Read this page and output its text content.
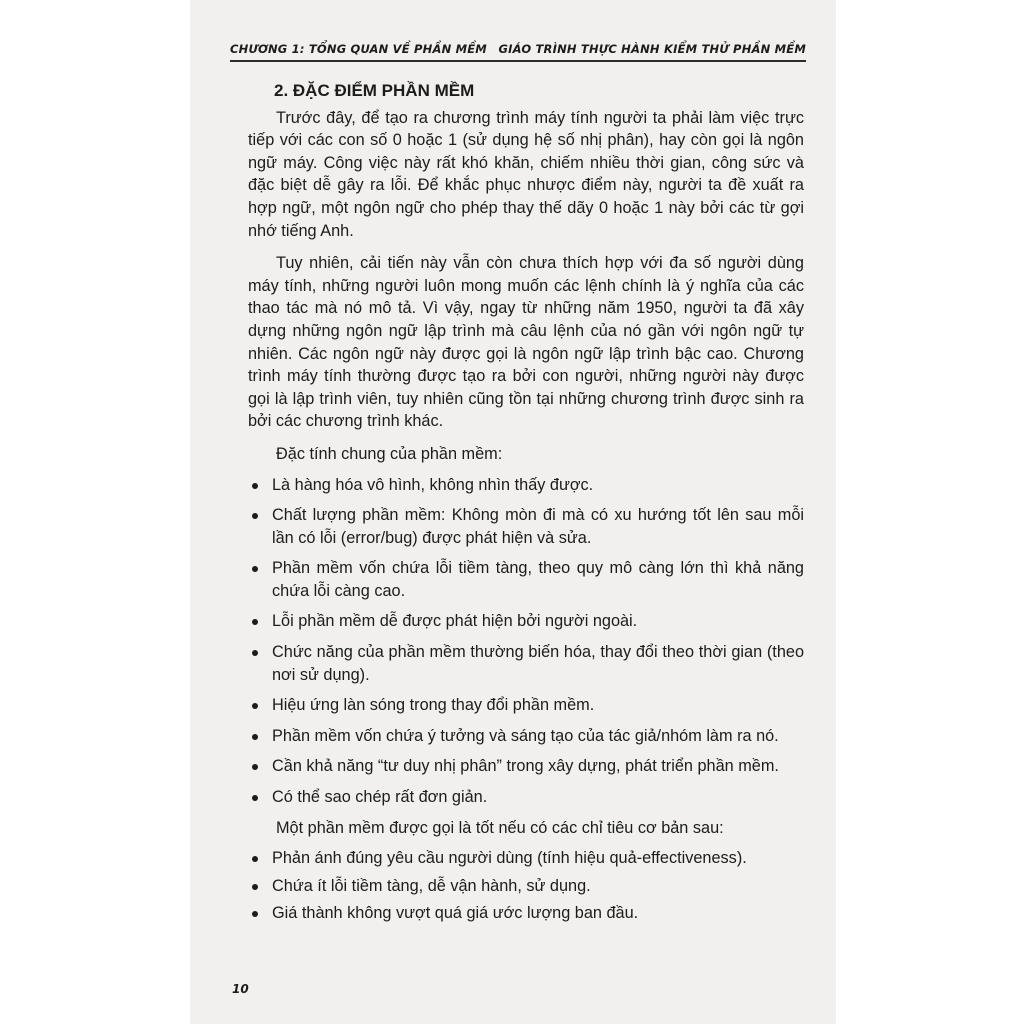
CHƯƠNG 1: TỔNG QUAN VỀ PHẦN MỀM GIÁO TRÌNH THỰC HÀNH KIỂM THỬ PHẦN MỀM
2. ĐẶC ĐIỂM PHẦN MỀM

Trước đây, để tạo ra chương trình máy tính người ta phải làm việc trực tiếp với các con số 0 hoặc 1 (sử dụng hệ số nhị phân), hay còn gọi là ngôn ngữ máy. Công việc này rất khó khăn, chiếm nhiều thời gian, công sức và đặc biệt dễ gây ra lỗi. Để khắc phục nhược điểm này, người ta đề xuất ra hợp ngữ, một ngôn ngữ cho phép thay thế dãy 0 hoặc 1 này bởi các từ gợi nhớ tiếng Anh.

Tuy nhiên, cải tiến này vẫn còn chưa thích hợp với đa số người dùng máy tính, những người luôn mong muốn các lệnh chính là ý nghĩa của các thao tác mà nó mô tả. Vì vậy, ngay từ những năm 1950, người ta đã xây dựng những ngôn ngữ lập trình mà câu lệnh của nó gần với ngôn ngữ tự nhiên. Các ngôn ngữ này được gọi là ngôn ngữ lập trình bậc cao. Chương trình máy tính thường được tạo ra bởi con người, những người này được gọi là lập trình viên, tuy nhiên cũng tồn tại những chương trình được sinh ra bởi các chương trình khác.

Đặc tính chung của phần mềm:

Là hàng hóa vô hình, không nhìn thấy được.
Chất lượng phần mềm: Không mòn đi mà có xu hướng tốt lên sau mỗi lần có lỗi (error/bug) được phát hiện và sửa.
Phần mềm vốn chứa lỗi tiềm tàng, theo quy mô càng lớn thì khả năng chứa lỗi càng cao.
Lỗi phần mềm dễ được phát hiện bởi người ngoài.
Chức năng của phần mềm thường biến hóa, thay đổi theo thời gian (theo nơi sử dụng).
Hiệu ứng làn sóng trong thay đổi phần mềm.
Phần mềm vốn chứa ý tưởng và sáng tạo của tác giả/nhóm làm ra nó.
Cần khả năng “tư duy nhị phân” trong xây dựng, phát triển phần mềm.
Có thể sao chép rất đơn giản.

Một phần mềm được gọi là tốt nếu có các chỉ tiêu cơ bản sau:

Phản ánh đúng yêu cầu người dùng (tính hiệu quả-effectiveness).
Chứa ít lỗi tiềm tàng, dễ vận hành, sử dụng.
Giá thành không vượt quá giá ước lượng ban đầu.
10
